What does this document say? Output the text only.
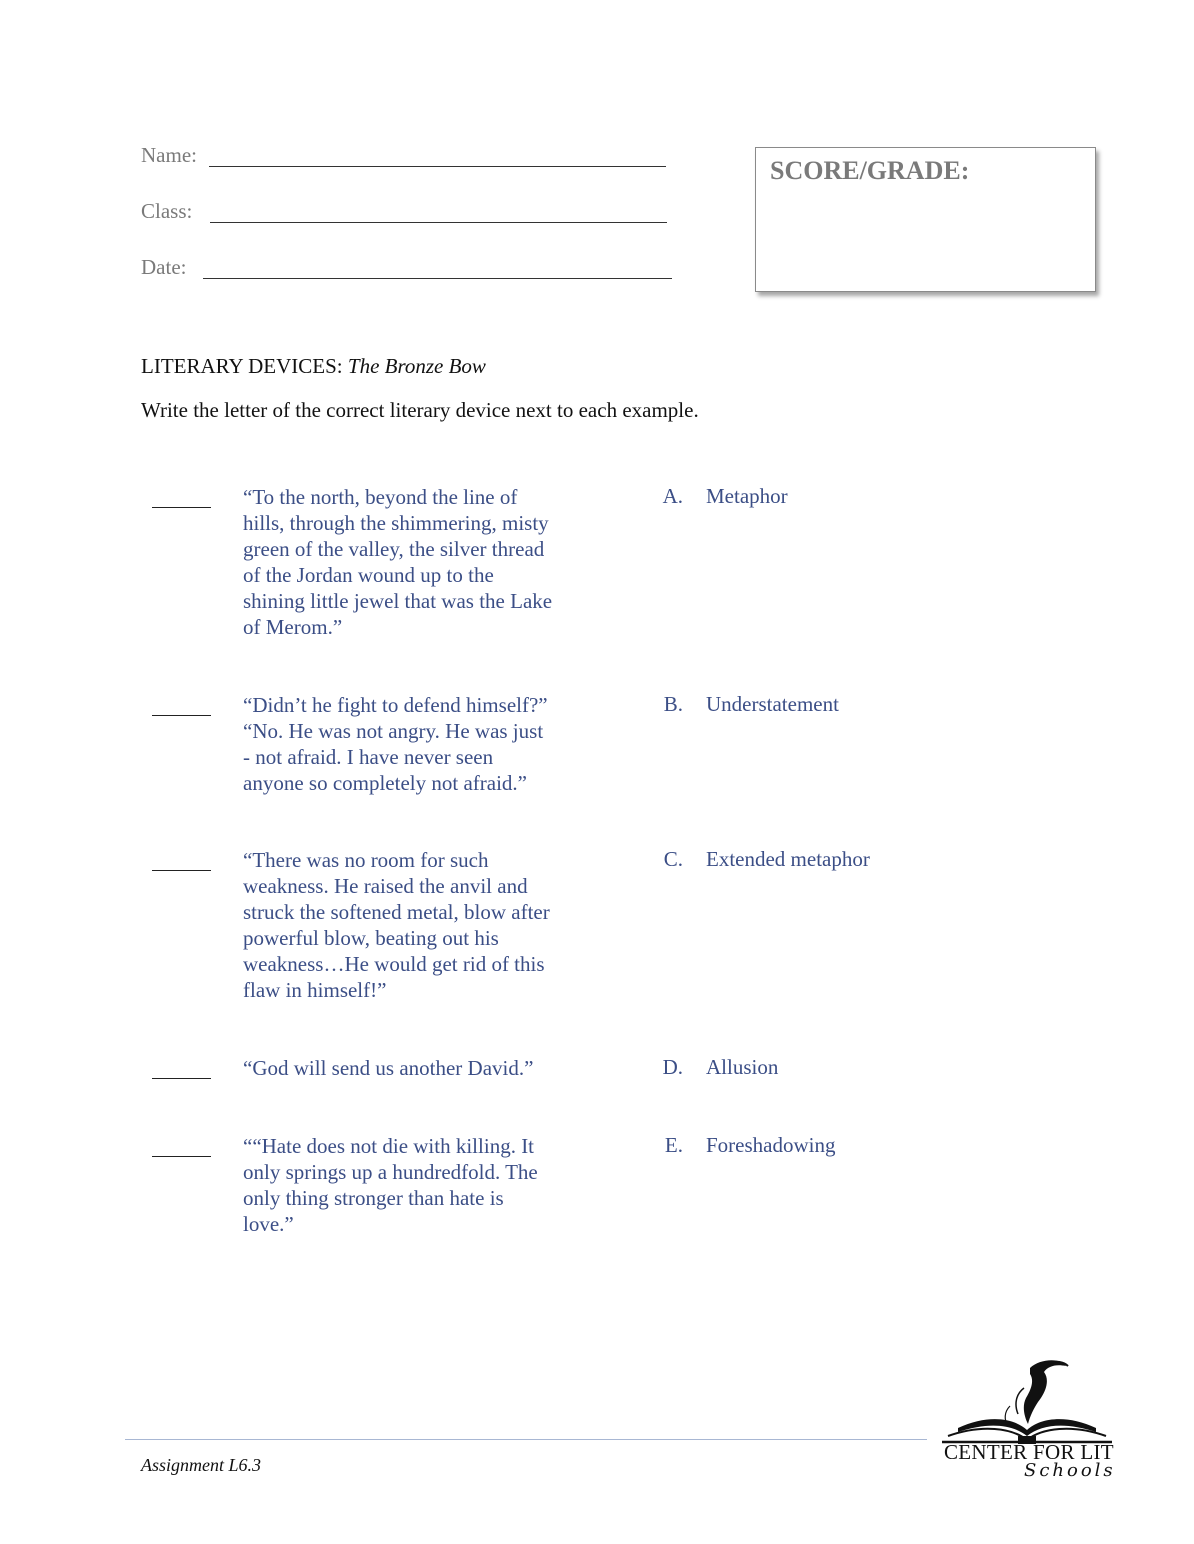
Name:
Class:
Date:
SCORE/GRADE:
LITERARY DEVICES: The Bronze Bow
Write the letter of the correct literary device next to each example.
“To the north, beyond the line of hills, through the shimmering, misty green of the valley, the silver thread of the Jordan wound up to the shining little jewel that was the Lake of Merom.”
A. Metaphor
“Didn’t he fight to defend himself?” “No. He was not angry. He was just - not afraid. I have never seen anyone so completely not afraid.”
B. Understatement
“There was no room for such weakness. He raised the anvil and struck the softened metal, blow after powerful blow, beating out his weakness…He would get rid of this flaw in himself!”
C. Extended metaphor
“God will send us another David.”	D. Allusion
““Hate does not die with killing. It only springs up a hundredfold. The only thing stronger than hate is love.”
E. Foreshadowing
Assignment L6.3
CENTER FOR LIT
Schools
